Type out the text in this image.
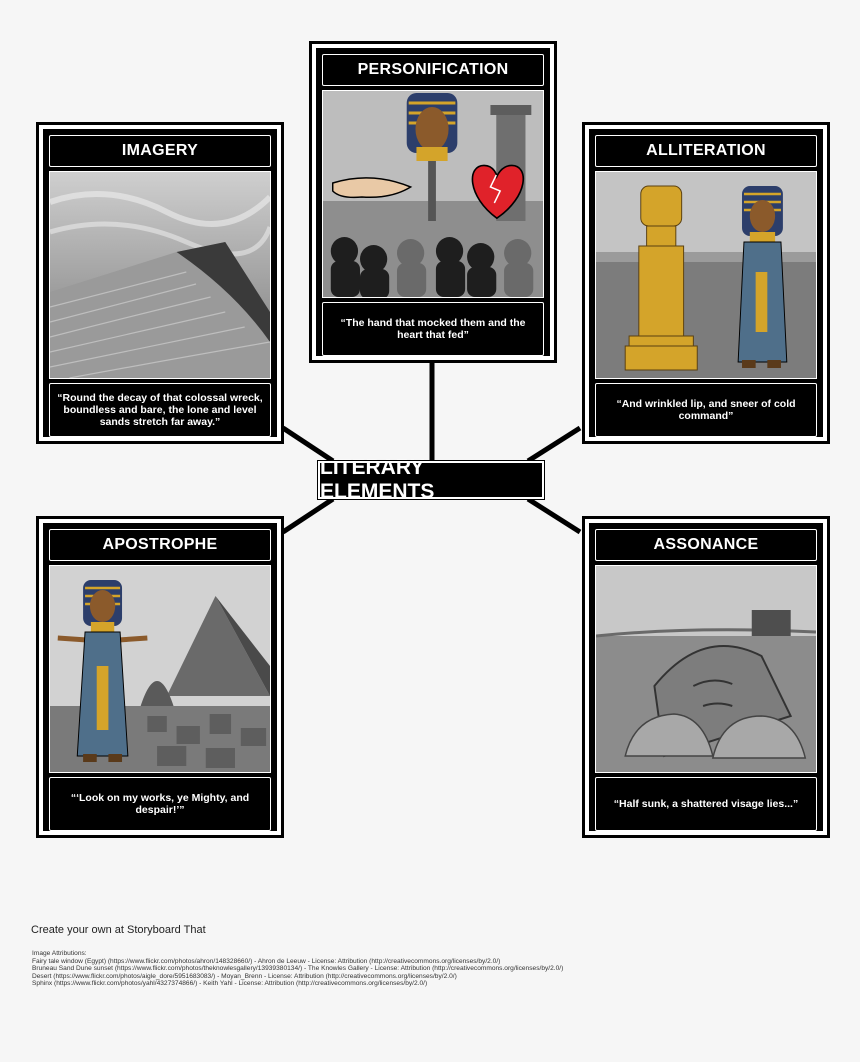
IMAGERY
“Round the decay of that colossal wreck, boundless and bare, the lone and level sands stretch far away.”
PERSONIFICATION
“The hand that mocked them and the heart that fed”
ALLITERATION
“And wrinkled lip, and sneer of cold command”
APOSTROPHE
“‘Look on my works, ye Mighty, and despair!’”
ASSONANCE
“Half sunk, a shattered visage lies...”
LITERARY ELEMENTS
Create your own at Storyboard That
Image Attributions:
Fairy tale window (Egypt) (https://www.flickr.com/photos/ahron/148328660/) - Ahron de Leeuw - License: Attribution (http://creativecommons.org/licenses/by/2.0/)
Bruneau Sand Dune sunset (https://www.flickr.com/photos/theknowlesgallery/13939380134/) - The Knowles Gallery - License: Attribution (http://creativecommons.org/licenses/by/2.0/)
Desert (https://www.flickr.com/photos/aigle_dore/5951683083/) - Moyan_Brenn - License: Attribution (http://creativecommons.org/licenses/by/2.0/)
Sphinx (https://www.flickr.com/photos/yahl/4327374866/) - Keith Yahl - License: Attribution (http://creativecommons.org/licenses/by/2.0/)
